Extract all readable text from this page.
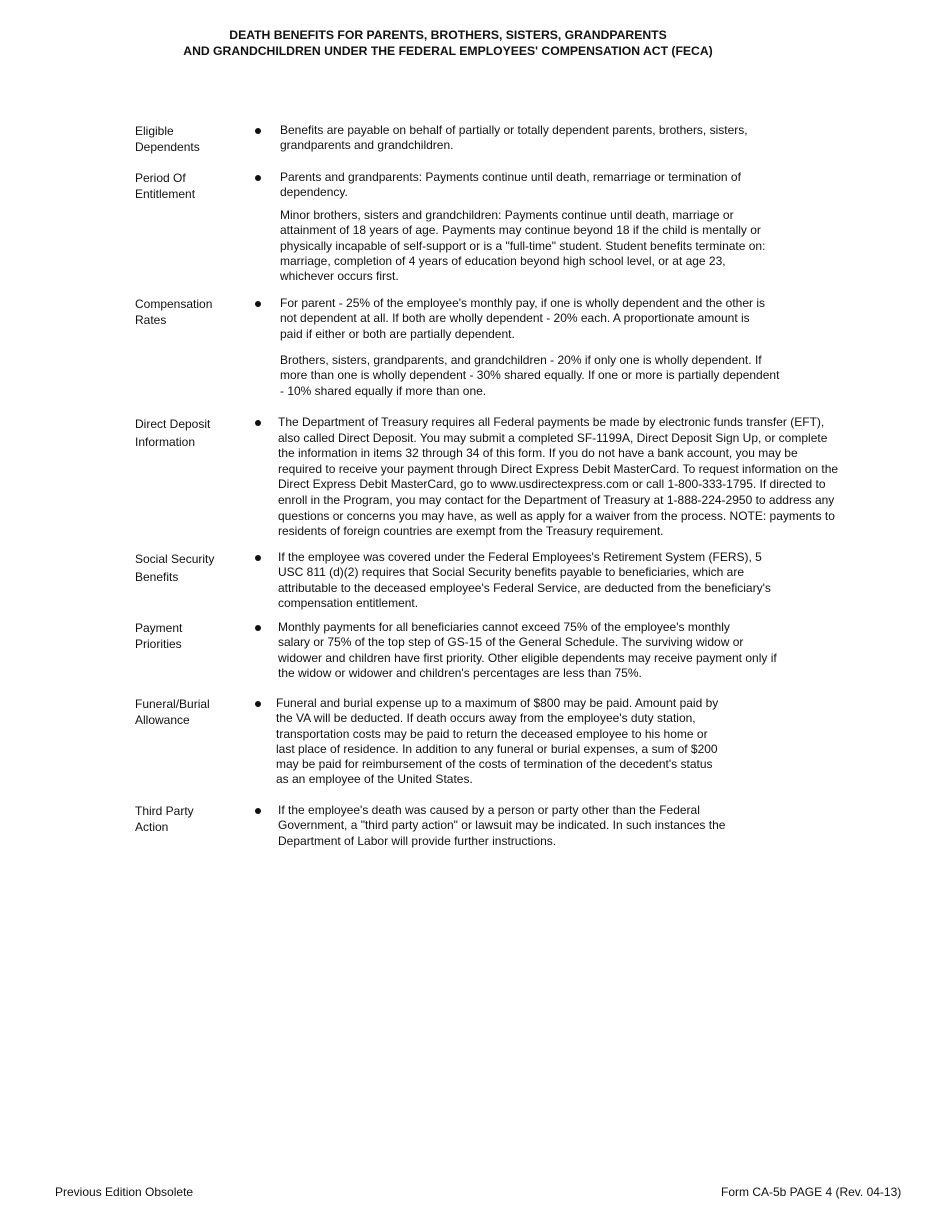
DEATH BENEFITS FOR PARENTS, BROTHERS, SISTERS, GRANDPARENTS
AND GRANDCHILDREN UNDER THE FEDERAL EMPLOYEES' COMPENSATION ACT (FECA)
Eligible
Dependents
Benefits are payable on behalf of partially or totally dependent parents, brothers, sisters,
grandparents and grandchildren.
Period Of
Entitlement
Parents and grandparents: Payments continue until death, remarriage or termination of
dependency.
Minor brothers, sisters and grandchildren: Payments continue until death, marriage or
attainment of 18 years of age. Payments may continue beyond 18 if the child is mentally or
physically incapable of self-support or is a "full-time" student. Student benefits terminate on:
marriage, completion of 4 years of education beyond high school level, or at age 23,
whichever occurs first.
Compensation
Rates
For parent - 25% of the employee's monthly pay, if one is wholly dependent and the other is
not dependent at all. If both are wholly dependent - 20% each. A proportionate amount is
paid if either or both are partially dependent.
Brothers, sisters, grandparents, and grandchildren - 20% if only one is wholly dependent. If
more than one is wholly dependent - 30% shared equally. If one or more is partially dependent
- 10% shared equally if more than one.
Direct Deposit
Information
The Department of Treasury requires all Federal payments be made by electronic funds transfer (EFT),
also called Direct Deposit. You may submit a completed SF-1199A, Direct Deposit Sign Up, or complete
the information in items 32 through 34 of this form. If you do not have a bank account, you may be
required to receive your payment through Direct Express Debit MasterCard. To request information on the
Direct Express Debit MasterCard, go to www.usdirectexpress.com or call 1-800-333-1795. If directed to
enroll in the Program, you may contact for the Department of Treasury at 1-888-224-2950 to address any
questions or concerns you may have, as well as apply for a waiver from the process. NOTE: payments to
residents of foreign countries are exempt from the Treasury requirement.
Social Security
Benefits
If the employee was covered under the Federal Employees's Retirement System (FERS), 5
USC 811 (d)(2) requires that Social Security benefits payable to beneficiaries, which are
attributable to the deceased employee's Federal Service, are deducted from the beneficiary's
compensation entitlement.
Payment
Priorities
Monthly payments for all beneficiaries cannot exceed 75% of the employee's monthly
salary or 75% of the top step of GS-15 of the General Schedule. The surviving widow or
widower and children have first priority. Other eligible dependents may receive payment only if
the widow or widower and children's percentages are less than 75%.
Funeral/Burial
Allowance
Funeral and burial expense up to a maximum of $800 may be paid. Amount paid by
the VA will be deducted. If death occurs away from the employee's duty station,
transportation costs may be paid to return the deceased employee to his home or
last place of residence. In addition to any funeral or burial expenses, a sum of $200
may be paid for reimbursement of the costs of termination of the decedent's status
as an employee of the United States.
Third Party
Action
If the employee's death was caused by a person or party other than the Federal
Government, a "third party action" or lawsuit may be indicated. In such instances the
Department of Labor will provide further instructions.
Previous Edition Obsolete	Form CA-5b PAGE 4 (Rev. 04-13)
